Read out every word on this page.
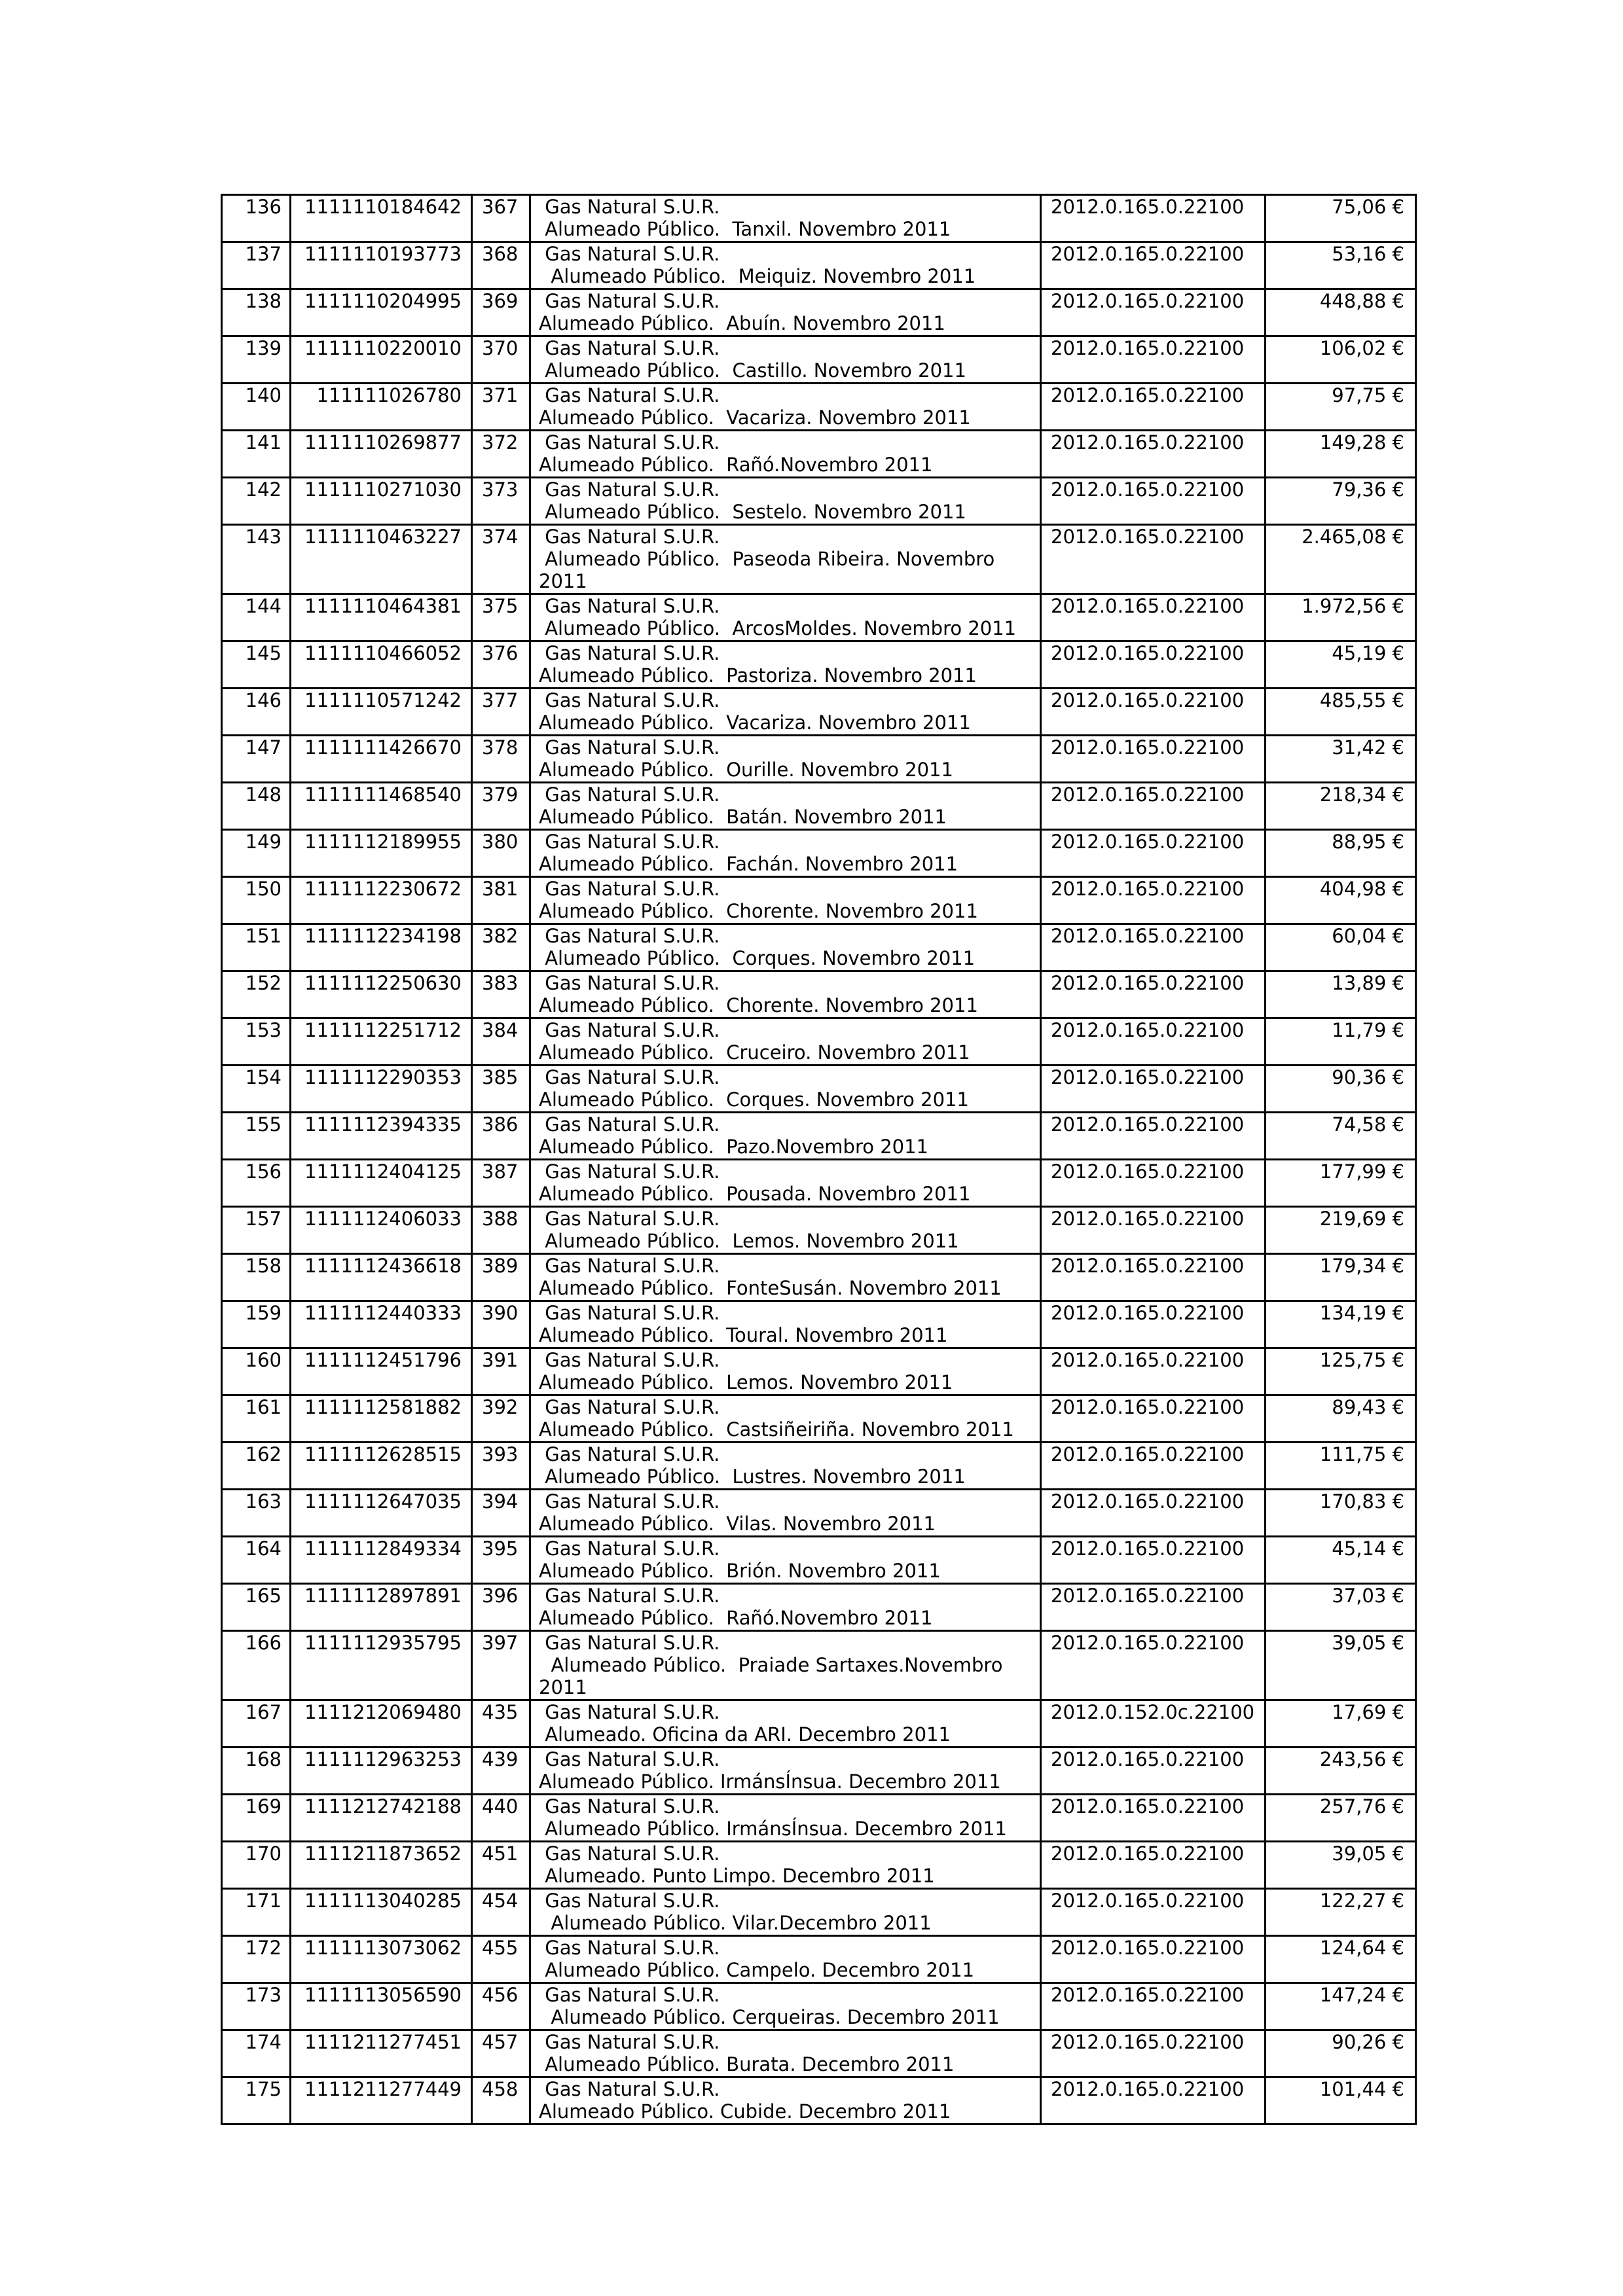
136	1111110184642	367	Gas Natural S.U.R.
Alumeado Público.  Tanxil. Novembro 2011	2012.0.165.0.22100	75,06 €
137	1111110193773	368	Gas Natural S.U.R.
Alumeado Público.  Meiquiz. Novembro 2011	2012.0.165.0.22100	53,16 €
138	1111110204995	369	Gas Natural S.U.R.
Alumeado Público.  Abuín. Novembro 2011	2012.0.165.0.22100	448,88 €
139	1111110220010	370	Gas Natural S.U.R.
Alumeado Público.  Castillo. Novembro 2011	2012.0.165.0.22100	106,02 €
140	111111026780	371	Gas Natural S.U.R.
Alumeado Público.  Vacariza. Novembro 2011	2012.0.165.0.22100	97,75 €
141	1111110269877	372	Gas Natural S.U.R.
Alumeado Público.  Rañó.Novembro 2011	2012.0.165.0.22100	149,28 €
142	1111110271030	373	Gas Natural S.U.R.
Alumeado Público.  Sestelo. Novembro 2011	2012.0.165.0.22100	79,36 €
143	1111110463227	374	Gas Natural S.U.R.
Alumeado Público.  Paseoda Ribeira. Novembro 2011	2012.0.165.0.22100	2.465,08 €
144	1111110464381	375	Gas Natural S.U.R.
Alumeado Público.  ArcosMoldes. Novembro 2011	2012.0.165.0.22100	1.972,56 €
145	1111110466052	376	Gas Natural S.U.R.
Alumeado Público.  Pastoriza. Novembro 2011	2012.0.165.0.22100	45,19 €
146	1111110571242	377	Gas Natural S.U.R.
Alumeado Público.  Vacariza. Novembro 2011	2012.0.165.0.22100	485,55 €
147	1111111426670	378	Gas Natural S.U.R.
Alumeado Público.  Ourille. Novembro 2011	2012.0.165.0.22100	31,42 €
148	1111111468540	379	Gas Natural S.U.R.
Alumeado Público.  Batán. Novembro 2011	2012.0.165.0.22100	218,34 €
149	1111112189955	380	Gas Natural S.U.R.
Alumeado Público.  Fachán. Novembro 2011	2012.0.165.0.22100	88,95 €
150	1111112230672	381	Gas Natural S.U.R.
Alumeado Público.  Chorente. Novembro 2011	2012.0.165.0.22100	404,98 €
151	1111112234198	382	Gas Natural S.U.R.
Alumeado Público.  Corques. Novembro 2011	2012.0.165.0.22100	60,04 €
152	1111112250630	383	Gas Natural S.U.R.
Alumeado Público.  Chorente. Novembro 2011	2012.0.165.0.22100	13,89 €
153	1111112251712	384	Gas Natural S.U.R.
Alumeado Público.  Cruceiro. Novembro 2011	2012.0.165.0.22100	11,79 €
154	1111112290353	385	Gas Natural S.U.R.
Alumeado Público.  Corques. Novembro 2011	2012.0.165.0.22100	90,36 €
155	1111112394335	386	Gas Natural S.U.R.
Alumeado Público.  Pazo.Novembro 2011	2012.0.165.0.22100	74,58 €
156	1111112404125	387	Gas Natural S.U.R.
Alumeado Público.  Pousada. Novembro 2011	2012.0.165.0.22100	177,99 €
157	1111112406033	388	Gas Natural S.U.R.
Alumeado Público.  Lemos. Novembro 2011	2012.0.165.0.22100	219,69 €
158	1111112436618	389	Gas Natural S.U.R.
Alumeado Público.  FonteSusán. Novembro 2011	2012.0.165.0.22100	179,34 €
159	1111112440333	390	Gas Natural S.U.R.
Alumeado Público.  Toural. Novembro 2011	2012.0.165.0.22100	134,19 €
160	1111112451796	391	Gas Natural S.U.R.
Alumeado Público.  Lemos. Novembro 2011	2012.0.165.0.22100	125,75 €
161	1111112581882	392	Gas Natural S.U.R.
Alumeado Público.  Castsiñeiriña. Novembro 2011	2012.0.165.0.22100	89,43 €
162	1111112628515	393	Gas Natural S.U.R.
Alumeado Público.  Lustres. Novembro 2011	2012.0.165.0.22100	111,75 €
163	1111112647035	394	Gas Natural S.U.R.
Alumeado Público.  Vilas. Novembro 2011	2012.0.165.0.22100	170,83 €
164	1111112849334	395	Gas Natural S.U.R.
Alumeado Público.  Brión. Novembro 2011	2012.0.165.0.22100	45,14 €
165	1111112897891	396	Gas Natural S.U.R.
Alumeado Público.  Rañó.Novembro 2011	2012.0.165.0.22100	37,03 €
166	1111112935795	397	Gas Natural S.U.R.
Alumeado Público.  Praiade Sartaxes.Novembro 2011	2012.0.165.0.22100	39,05 €
167	1111212069480	435	Gas Natural S.U.R.
Alumeado. Oficina da ARI. Decembro 2011	2012.0.152.0c.22100	17,69 €
168	1111112963253	439	Gas Natural S.U.R.
Alumeado Público. IrmánsÍnsua. Decembro 2011	2012.0.165.0.22100	243,56 €
169	1111212742188	440	Gas Natural S.U.R.
Alumeado Público. IrmánsÍnsua. Decembro 2011	2012.0.165.0.22100	257,76 €
170	1111211873652	451	Gas Natural S.U.R.
Alumeado. Punto Limpo. Decembro 2011	2012.0.165.0.22100	39,05 €
171	1111113040285	454	Gas Natural S.U.R.
Alumeado Público. Vilar.Decembro 2011	2012.0.165.0.22100	122,27 €
172	1111113073062	455	Gas Natural S.U.R.
Alumeado Público. Campelo. Decembro 2011	2012.0.165.0.22100	124,64 €
173	1111113056590	456	Gas Natural S.U.R.
Alumeado Público. Cerqueiras. Decembro 2011	2012.0.165.0.22100	147,24 €
174	1111211277451	457	Gas Natural S.U.R.
Alumeado Público. Burata. Decembro 2011	2012.0.165.0.22100	90,26 €
175	1111211277449	458	Gas Natural S.U.R.
Alumeado Público. Cubide. Decembro 2011	2012.0.165.0.22100	101,44 €
